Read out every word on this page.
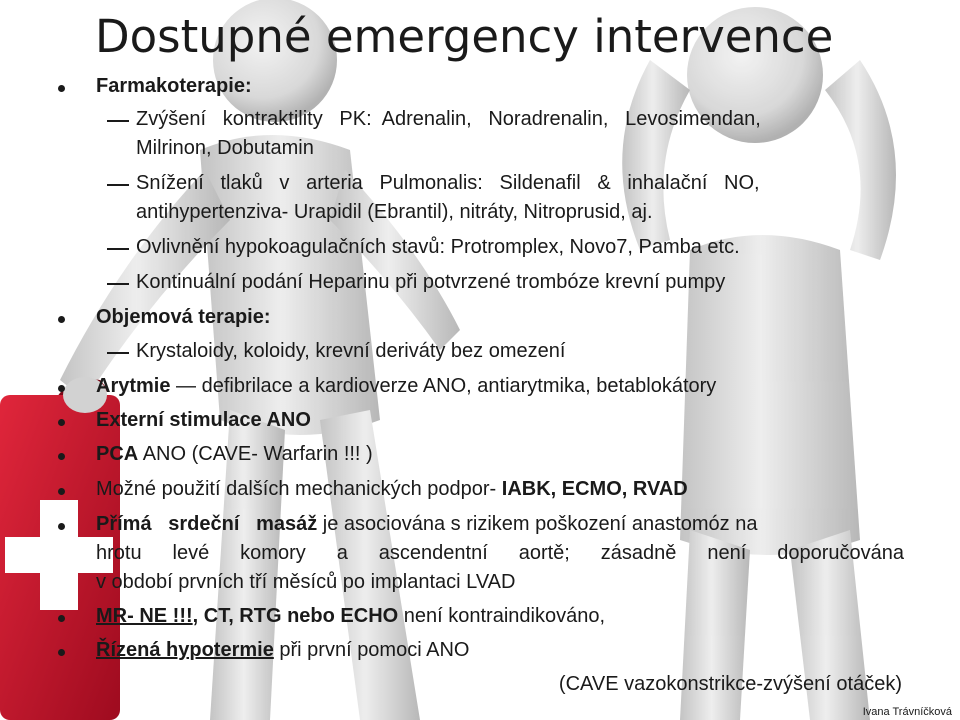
Dostupné emergency intervence
Farmakoterapie:
Zvýšení   kontraktility   PK:  Adrenalin,   Noradrenalin,   Levosimendan,
Milrinon, Dobutamin
Snížení   tlaků   v   arteria   Pulmonalis:   Sildenafil   &   inhalační   NO,
antihypertenziva- Urapidil (Ebrantil), nitráty, Nitroprusid, aj.
Ovlivnění hypokoagulačních stavů: Protromplex, Novo7, Pamba etc.
Kontinuální podání Heparinu při potvrzené trombóze krevní pumpy
Objemová terapie:
Krystaloidy, koloidy, krevní deriváty bez omezení
Arytmie — defibrilace a kardioverze ANO, antiarytmika, betablokátory
Externí stimulace ANO
PCA ANO (CAVE- Warfarin !!! )
Možné použití dalších mechanických podpor- IABK, ECMO, RVAD
Přímá   srdeční   masáž je asociována s rizikem poškození anastomóz na
hrotu levé komory a ascendentní aortě; zásadně není doporučována
v období prvních tří měsíců po implantaci LVAD
MR- NE !!!, CT, RTG nebo ECHO není kontraindikováno,
Řízená hypotermie při první pomoci ANO
(CAVE vazokonstrikce-zvýšení otáček)
Ivana Trávníčková
